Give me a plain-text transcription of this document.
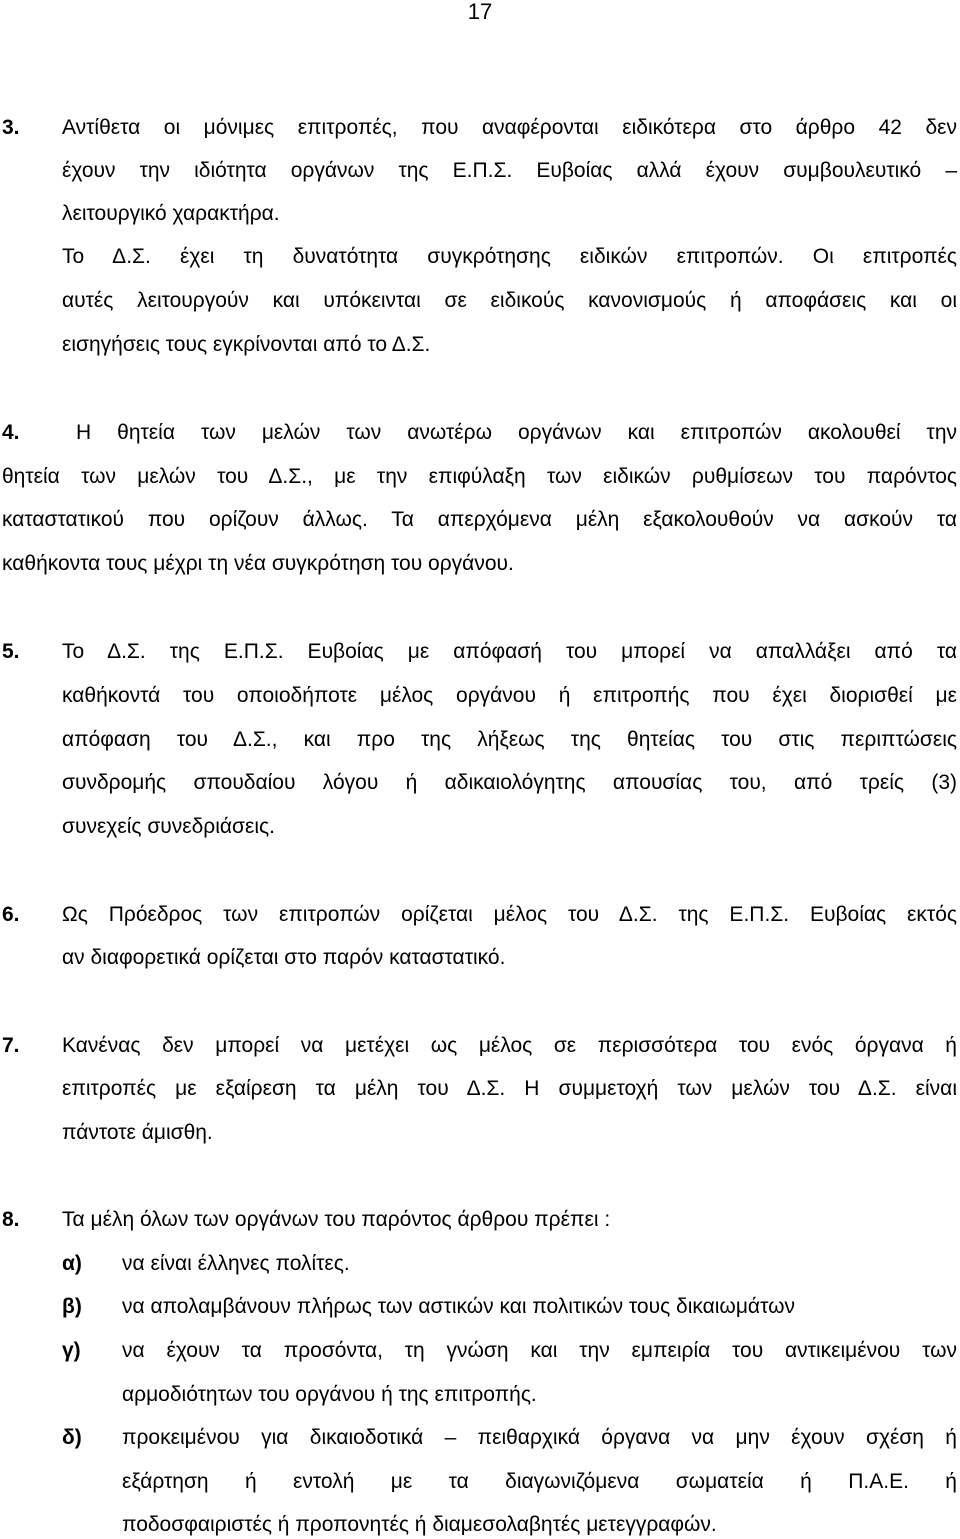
17
3. Αντίθετα οι μόνιμες επιτροπές, που αναφέρονται ειδικότερα στο άρθρο 42 δεν
έχουν την ιδιότητα οργάνων της Ε.Π.Σ. Ευβοίας αλλά έχουν συμβουλευτικό –
λειτουργικό χαρακτήρα.
Το Δ.Σ. έχει τη δυνατότητα συγκρότησης ειδικών επιτροπών. Οι επιτροπές
αυτές λειτουργούν και υπόκεινται σε ειδικούς κανονισμούς ή αποφάσεις και οι
εισηγήσεις τους εγκρίνονται από το Δ.Σ.
4.	Η θητεία των μελών των ανωτέρω οργάνων και επιτροπών ακολουθεί την
θητεία των μελών του Δ.Σ., με την επιφύλαξη των ειδικών ρυθμίσεων του παρόντος
καταστατικού που ορίζουν άλλως. Τα απερχόμενα μέλη εξακολουθούν να ασκούν τα
καθήκοντα τους μέχρι τη νέα συγκρότηση του οργάνου.
5. Το Δ.Σ. της Ε.Π.Σ. Ευβοίας με απόφασή του μπορεί να απαλλάξει από τα
καθήκοντά του οποιοδήποτε μέλος οργάνου ή επιτροπής που έχει διορισθεί με
απόφαση του Δ.Σ., και προ της λήξεως της θητείας του στις περιπτώσεις
συνδρομής σπουδαίου λόγου ή αδικαιολόγητης απουσίας του, από τρείς (3)
συνεχείς συνεδριάσεις.
6. Ως Πρόεδρος των επιτροπών ορίζεται μέλος του Δ.Σ. της Ε.Π.Σ. Ευβοίας εκτός
αν διαφορετικά ορίζεται στο παρόν καταστατικό.
7. Κανένας δεν μπορεί να μετέχει ως μέλος σε περισσότερα του ενός όργανα ή
επιτροπές με εξαίρεση τα μέλη του Δ.Σ. Η συμμετοχή των μελών του Δ.Σ. είναι
πάντοτε άμισθη.
8. Τα μέλη όλων των οργάνων του παρόντος άρθρου πρέπει :
α) να είναι έλληνες πολίτες.
β) να απολαμβάνουν πλήρως των αστικών και πολιτικών τους δικαιωμάτων
γ) να έχουν τα προσόντα, τη γνώση και την εμπειρία του αντικειμένου των
αρμοδιότητων του οργάνου ή της επιτροπής.
δ) προκειμένου για δικαιοδοτικά – πειθαρχικά όργανα να μην έχουν σχέση ή
εξάρτηση ή εντολή με τα διαγωνιζόμενα σωματεία ή Π.Α.Ε. ή
ποδοσφαιριστές ή προπονητές ή διαμεσολαβητές μετεγγραφών.
